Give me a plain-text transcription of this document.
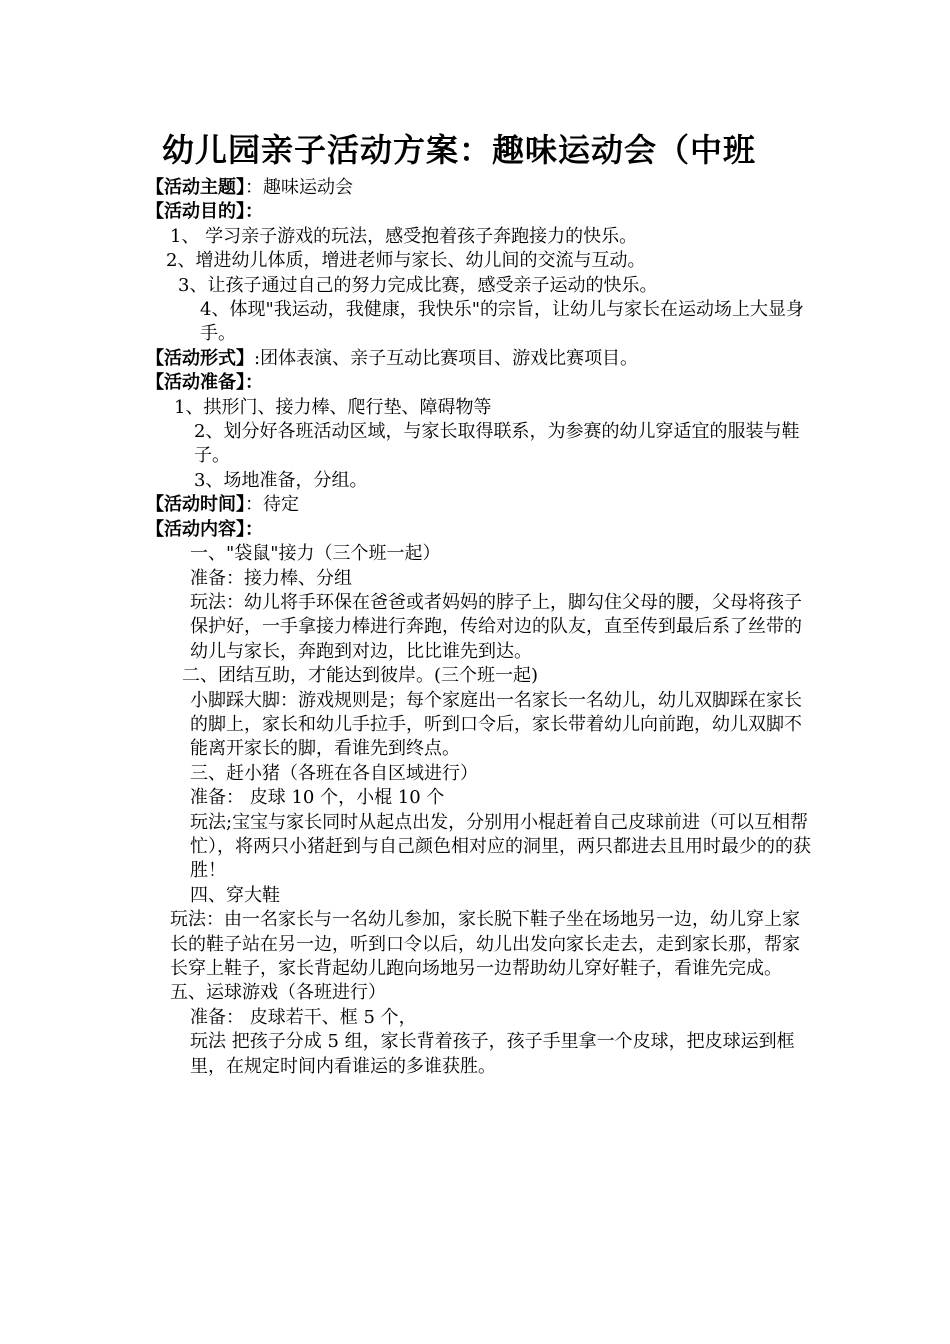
幼儿园亲子活动方案：趣味运动会（中班

【活动主题】：趣味运动会

【活动目的】：

1、 学习亲子游戏的玩法，感受抱着孩子奔跑接力的快乐。

2、增进幼儿体质，增进老师与家长、幼儿间的交流与互动。

3、让孩子通过自己的努力完成比赛，感受亲子运动的快乐。

4、体现"我运动，我健康，我快乐"的宗旨，让幼儿与家长在运动场上大显身手。

【活动形式】:团体表演、亲子互动比赛项目、游戏比赛项目。

【活动准备】：

1、拱形门、接力棒、爬行垫、障碍物等

2、划分好各班活动区域，与家长取得联系，为参赛的幼儿穿适宜的服装与鞋子。

3、场地准备，分组。

【活动时间】：待定

【活动内容】：

一、"袋鼠"接力（三个班一起）

准备：接力棒、分组

玩法：幼儿将手环保在爸爸或者妈妈的脖子上，脚勾住父母的腰，父母将孩子保护好，一手拿接力棒进行奔跑，传给对边的队友，直至传到最后系了丝带的幼儿与家长，奔跑到对边，比比谁先到达。

二、团结互助，才能达到彼岸。(三个班一起)

小脚踩大脚：游戏规则是；每个家庭出一名家长一名幼儿，幼儿双脚踩在家长的脚上，家长和幼儿手拉手，听到口令后，家长带着幼儿向前跑，幼儿双脚不能离开家长的脚，看谁先到终点。

三、赶小猪（各班在各自区域进行）

准备： 皮球 10 个，小棍 10 个

玩法;宝宝与家长同时从起点出发，分别用小棍赶着自己皮球前进（可以互相帮忙），将两只小猪赶到与自己颜色相对应的洞里，两只都进去且用时最少的的获胜！

四、穿大鞋

玩法：由一名家长与一名幼儿参加，家长脱下鞋子坐在场地另一边，幼儿穿上家长的鞋子站在另一边，听到口令以后，幼儿出发向家长走去，走到家长那，帮家长穿上鞋子，家长背起幼儿跑向场地另一边帮助幼儿穿好鞋子，看谁先完成。

五、运球游戏（各班进行）

准备： 皮球若干、框 5 个，

玩法 把孩子分成 5 组，家长背着孩子，孩子手里拿一个皮球，把皮球运到框里，在规定时间内看谁运的多谁获胜。
